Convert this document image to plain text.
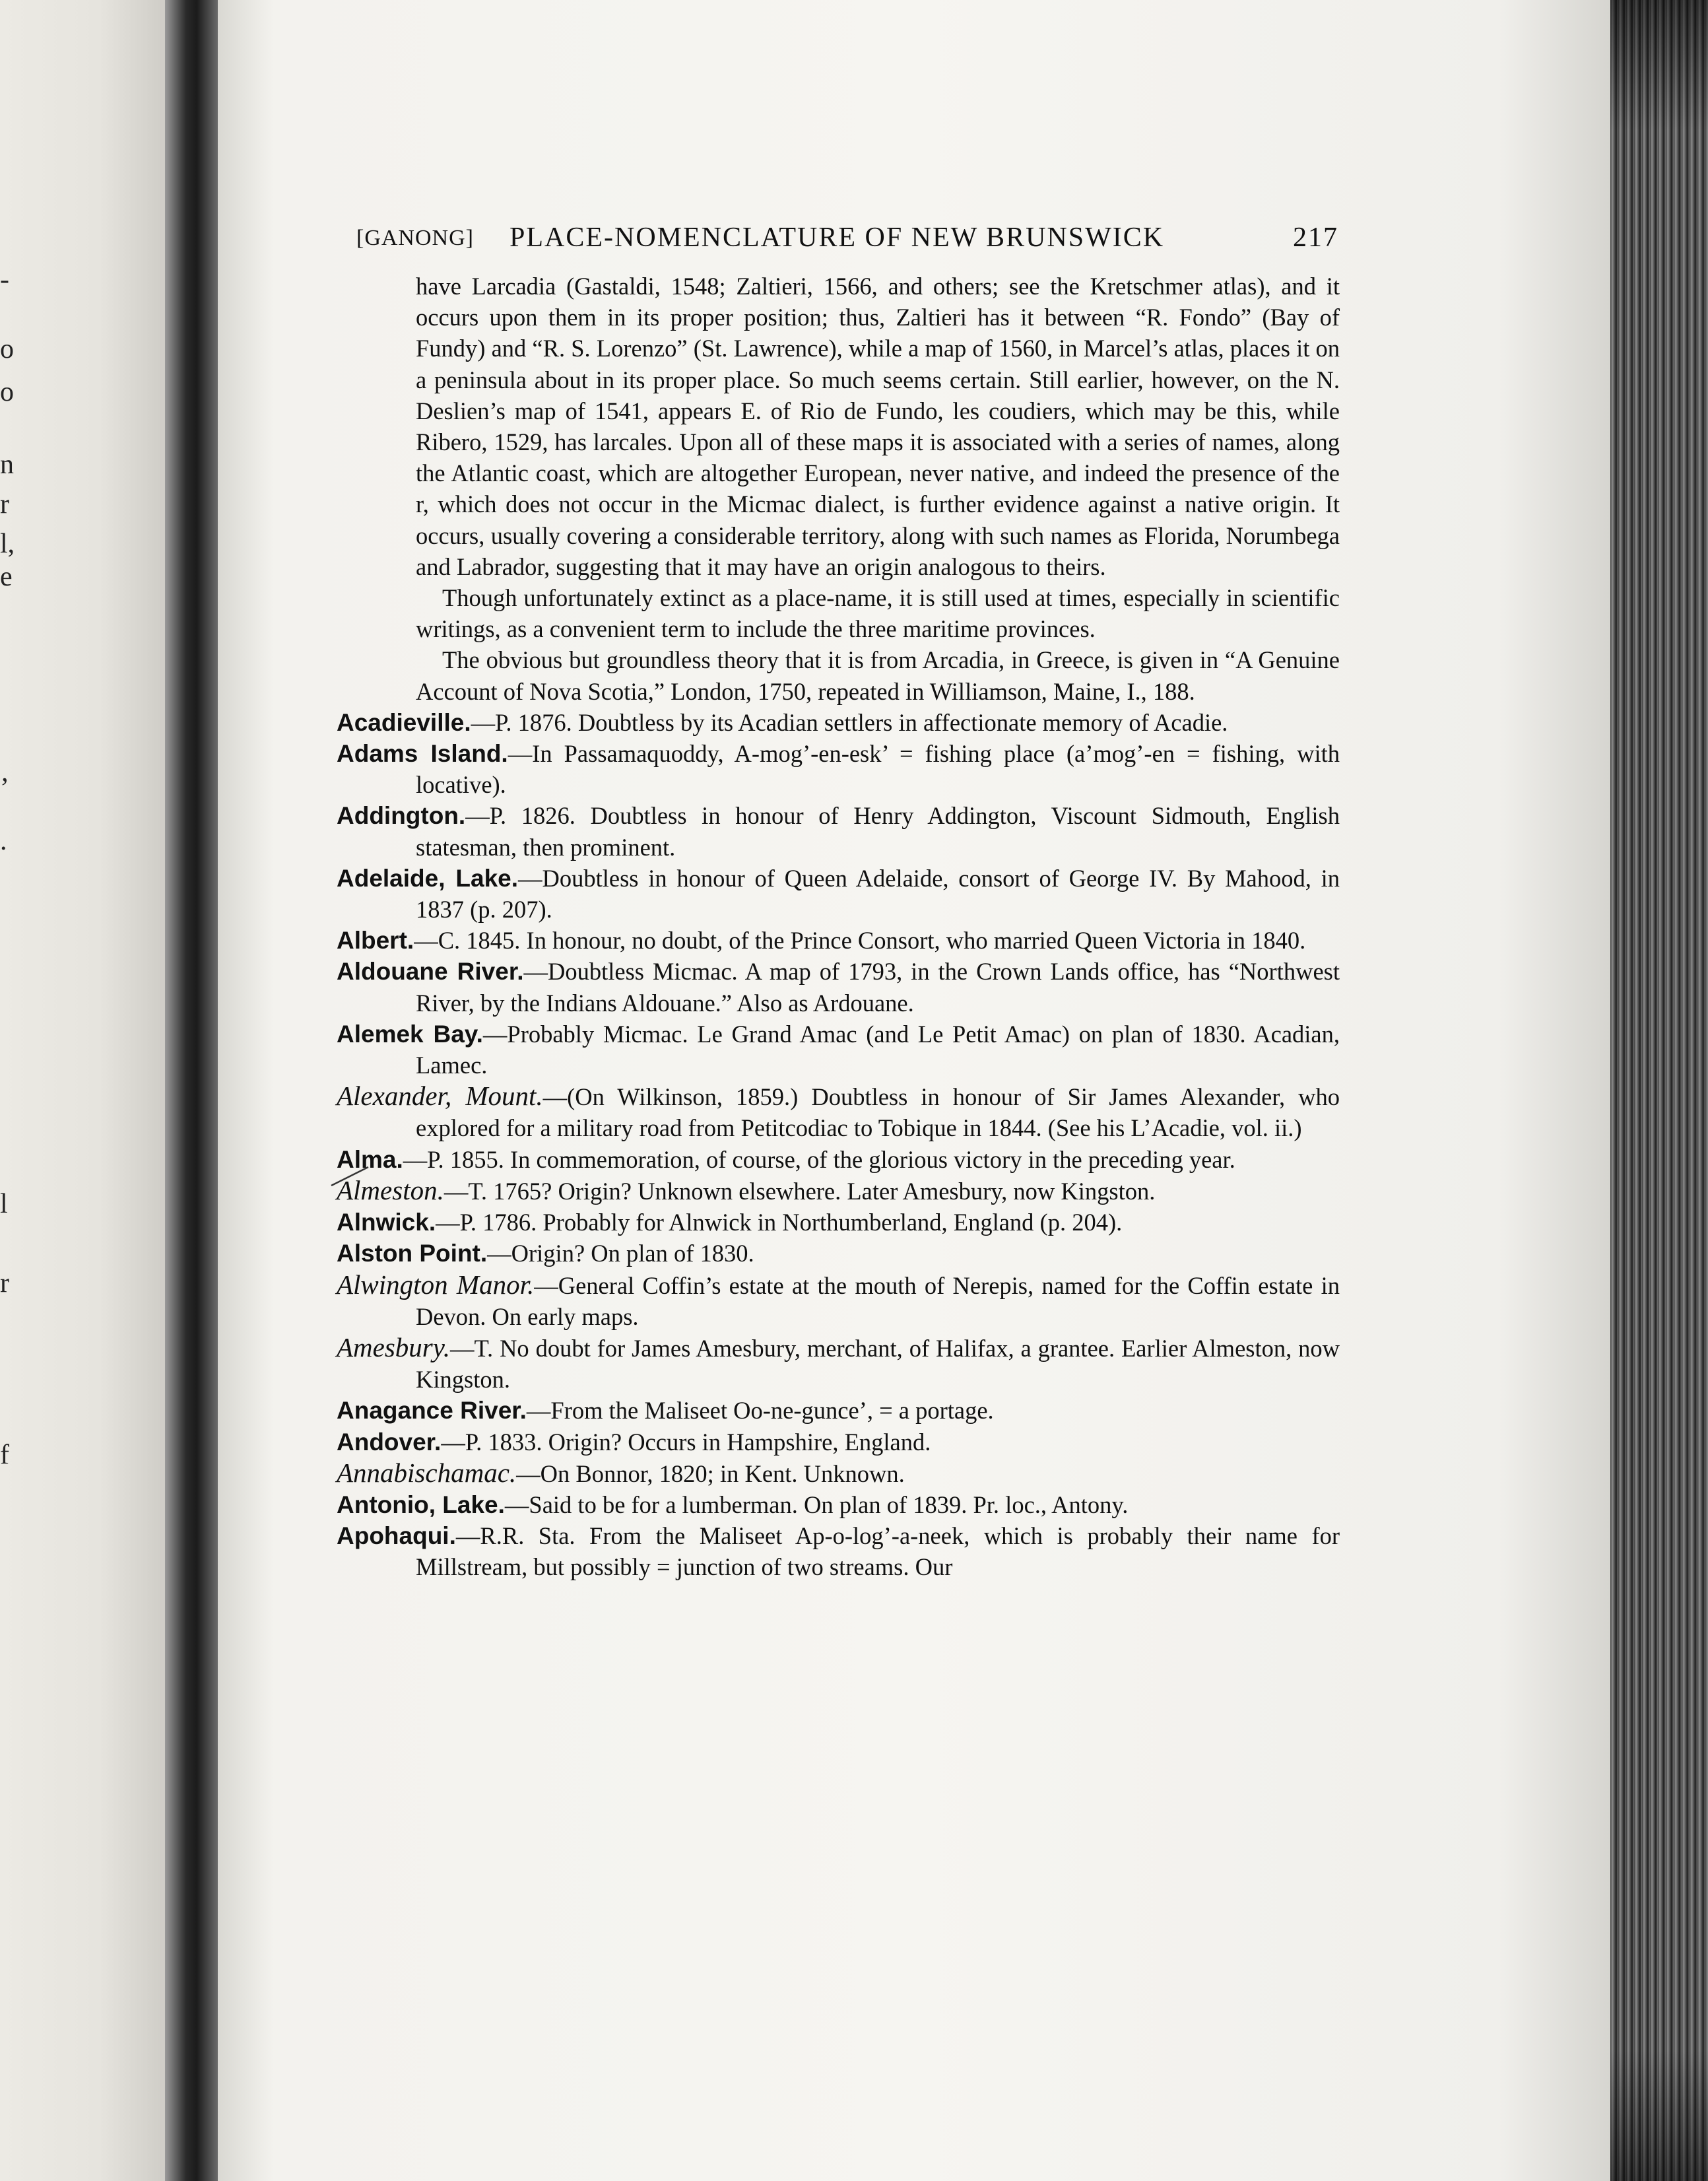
-
o
o
n
r
l,
e
’
.
l
r
f
[GANONG] PLACE-NOMENCLATURE OF NEW BRUNSWICK	217

have Larcadia (Gastaldi, 1548; Zaltieri, 1566, and others; see the Kretschmer atlas), and it occurs upon them in its proper position; thus, Zaltieri has it between “R. Fondo” (Bay of Fundy) and “R. S. Lorenzo” (St. Lawrence), while a map of 1560, in Marcel’s atlas, places it on a peninsula about in its proper place. So much seems certain. Still earlier, however, on the N. Deslien’s map of 1541, appears E. of Rio de Fundo, les coudiers, which may be this, while Ribero, 1529, has larcales. Upon all of these maps it is associated with a series of names, along the Atlantic coast, which are altogether European, never native, and indeed the presence of the r, which does not occur in the Micmac dialect, is further evidence against a native origin. It occurs, usually covering a considerable territory, along with such names as Florida, Norumbega and Labrador, suggesting that it may have an origin analogous to theirs.

Though unfortunately extinct as a place-name, it is still used at times, especially in scientific writings, as a convenient term to include the three maritime provinces.

The obvious but groundless theory that it is from Arcadia, in Greece, is given in “A Genuine Account of Nova Scotia,” London, 1750, repeated in Williamson, Maine, I., 188.

Acadieville.—P. 1876. Doubtless by its Acadian settlers in affectionate memory of Acadie.

Adams Island.—In Passamaquoddy, A-mog’-en-esk’ = fishing place (a’mog’-en = fishing, with locative).

Addington.—P. 1826. Doubtless in honour of Henry Addington, Viscount Sidmouth, English statesman, then prominent.

Adelaide, Lake.—Doubtless in honour of Queen Adelaide, consort of George IV. By Mahood, in 1837 (p. 207).

Albert.—C. 1845. In honour, no doubt, of the Prince Consort, who married Queen Victoria in 1840.

Aldouane River.—Doubtless Micmac. A map of 1793, in the Crown Lands office, has “Northwest River, by the Indians Aldouane.” Also as Ardouane.

Alemek Bay.—Probably Micmac. Le Grand Amac (and Le Petit Amac) on plan of 1830. Acadian, Lamec.

Alexander, Mount.—(On Wilkinson, 1859.) Doubtless in honour of Sir James Alexander, who explored for a military road from Petitcodiac to Tobique in 1844. (See his L’Acadie, vol. ii.)

Alma.—P. 1855. In commemoration, of course, of the glorious victory in the preceding year.

Almeston.—T. 1765? Origin? Unknown elsewhere. Later Amesbury, now Kingston.

Alnwick.—P. 1786. Probably for Alnwick in Northumberland, England (p. 204).

Alston Point.—Origin? On plan of 1830.

Alwington Manor.—General Coffin’s estate at the mouth of Nerepis, named for the Coffin estate in Devon. On early maps.

Amesbury.—T. No doubt for James Amesbury, merchant, of Halifax, a grantee. Earlier Almeston, now Kingston.

Anagance River.—From the Maliseet Oo-ne-gunce’, = a portage.

Andover.—P. 1833. Origin? Occurs in Hampshire, England.

Annabischamac.—On Bonnor, 1820; in Kent. Unknown.

Antonio, Lake.—Said to be for a lumberman. On plan of 1839. Pr. loc., Antony.

Apohaqui.—R.R. Sta. From the Maliseet Ap-o-log’-a-neek, which is probably their name for Millstream, but possibly = junction of two streams. Our
